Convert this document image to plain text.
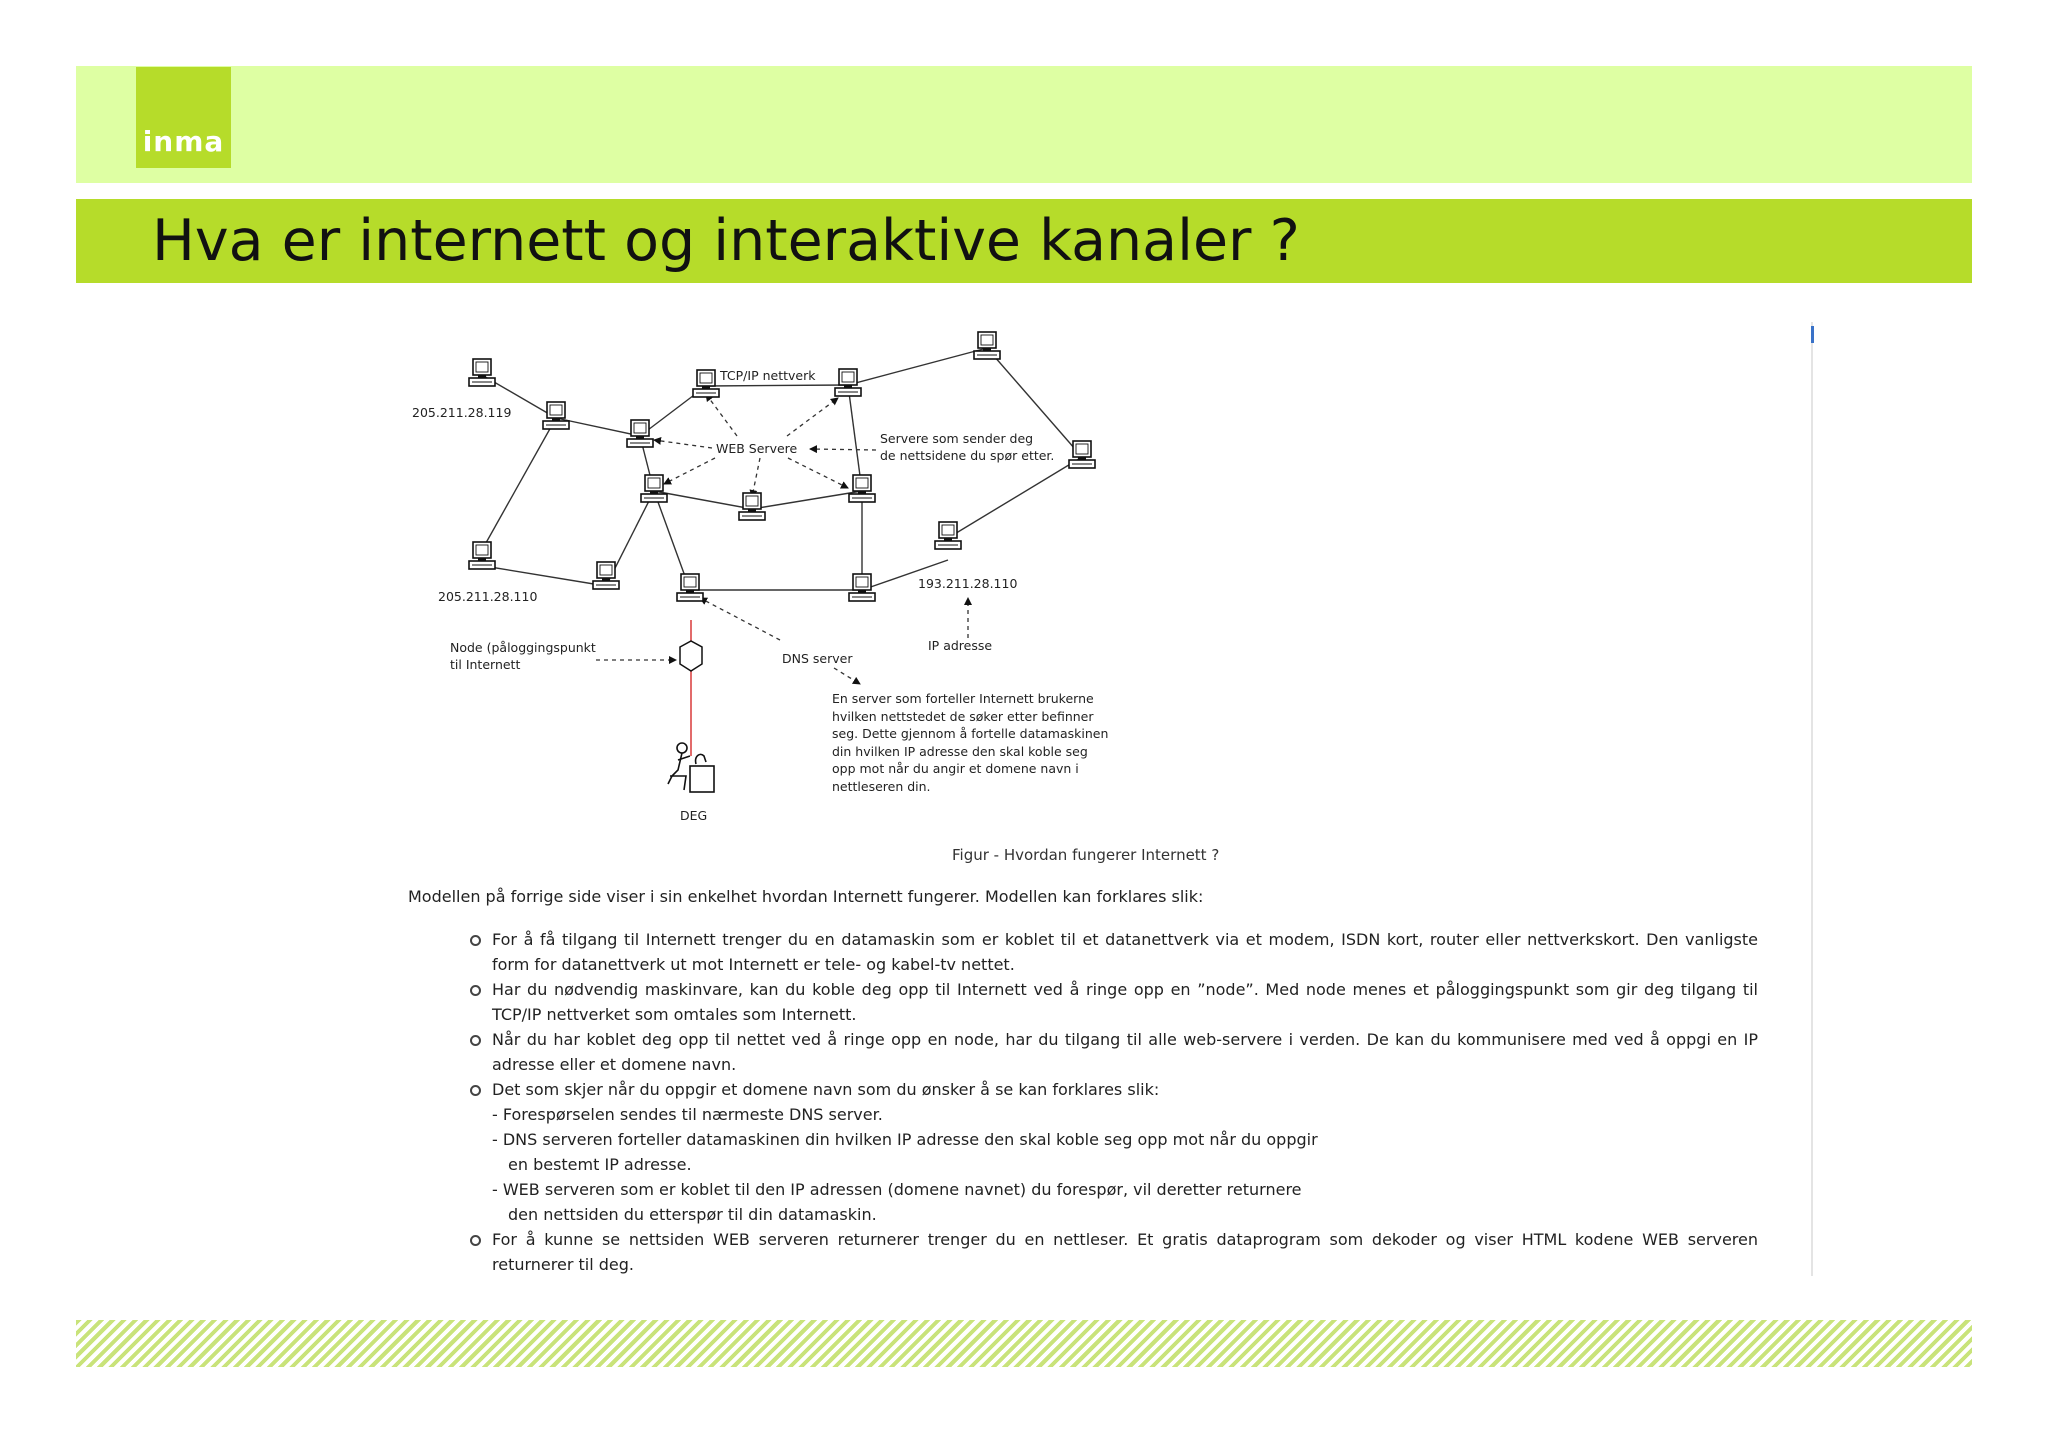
inma
Hva er internett og interaktive kanaler ?
TCP/IP nettverk
205.211.28.119
WEB Servere
Servere som sender deg
de nettsidene du spør etter.
205.211.28.110
193.211.28.110
IP adresse
Node (påloggingspunkt
til Internett	DNS server
En server som forteller Internett brukerne
hvilken nettstedet de søker etter befinner
seg. Dette gjennom å fortelle datamaskinen
din hvilken IP adresse den skal koble seg
opp mot når du angir et domene navn i
nettleseren din.
DEG
Figur - Hvordan fungerer Internett ?
Modellen på forrige side viser i sin enkelhet hvordan Internett fungerer. Modellen kan forklares slik:
For å få tilgang til Internett trenger du en datamaskin som er koblet til et datanettverk via et modem, ISDN kort, router eller nettverkskort. Den vanligste form for datanettverk ut mot Internett er tele- og kabel-tv nettet.
Har du nødvendig maskinvare, kan du koble deg opp til Internett ved å ringe opp en ”node”. Med node menes et påloggingspunkt som gir deg tilgang til TCP/IP nettverket som omtales som Internett.
Når du har koblet deg opp til nettet ved å ringe opp en node, har du tilgang til alle web-servere i verden. De kan du kommunisere med ved å oppgi en IP adresse eller et domene navn.
Det som skjer når du oppgir et domene navn som du ønsker å se kan forklares slik:
- Forespørselen sendes til nærmeste DNS server.
- DNS serveren forteller datamaskinen din hvilken IP adresse den skal koble seg opp mot når du oppgir
en bestemt IP adresse.
- WEB serveren som er koblet til den IP adressen (domene navnet) du forespør, vil deretter returnere
den nettsiden du etterspør til din datamaskin.
For å kunne se nettsiden WEB serveren returnerer trenger du en nettleser. Et gratis dataprogram som dekoder og viser HTML kodene WEB serveren returnerer til deg.
